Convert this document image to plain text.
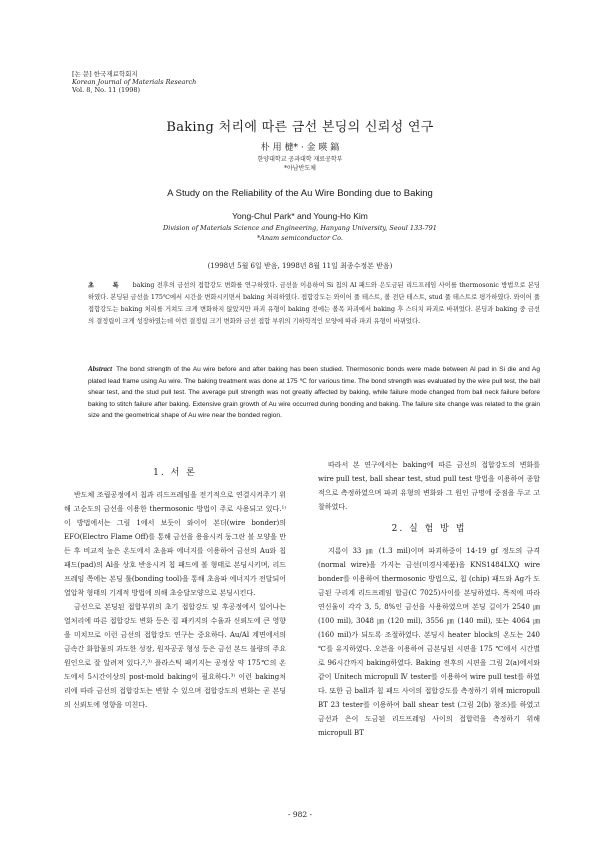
[논 문] 한국재료학회지
Korean Journal of Materials Research
Vol. 8, No. 11 (1998)
Baking 처리에 따른 금선 본딩의 신뢰성 연구
朴 用 橽* · 金 暎 鎬
한양대학교 공과대학 재료공학부
*아남반도체
A Study on the Reliability of the Au Wire Bonding due to Baking
Yong-Chul Park* and Young-Ho Kim
Division of Materials Science and Engineering, Hanyang University, Seoul 133-791
*Anam semiconductor Co.
(1998년 5월 6일 받음, 1998년 8월 11일 최종수정본 받음)
초 록 baking 전후의 금선의 접합강도 변화를 연구하였다. 금선을 이용하여 Si 칩의 Al 패드와 은도금된 리드프레임 사이를 thermosonic 방법으로 본딩하였다. 본딩된 금선을 175℃에서 시간을 변화시키면서 baking 처리하였다. 접합강도는 와이어 풀 테스트, 볼 전단 테스트, stud 풀 테스트로 평가하였다. 와이어 풀 접합강도는 baking 처리를 거쳐도 크게 변화하지 않았지만 파괴 유형이 baking 전에는 볼목 파괴에서 baking 후 스티치 파괴로 바뀌었다. 본딩과 baking 중 금선의 결정립이 크게 성장하였는데 이런 결정립 크기 변화와 금선 접합 부위의 기하학적인 모양에 따라 파괴 유형이 바뀌었다.
Abstract The bond strength of the Au wire before and after baking has been studied. Thermosonic bonds were made between Al pad in Si die and Ag plated lead frame using Au wire. The baking treatment was done at 175 ℃ for various time. The bond strength was evaluated by the wire pull test, the ball shear test, and the stud pull test. The average pull strength was not greatly affected by baking, while failure mode changed from ball neck failure before baking to stitch failure after baking. Extensive grain growth of Au wire occurred during bonding and baking. The failure site change was related to the grain size and the geometrical shape of Au wire near the bonded region.
1. 서 론

반도체 조립공정에서 칩과 리드프레임을 전기적으로 연결시켜주기 위해 고순도의 금선을 이용한 thermosonic 방법이 주로 사용되고 있다.¹⁾ 이 방법에서는 그림 1에서 보듯이 와이어 본더(wire bonder)의 EFO(Electro Flame Off)를 통해 금선을 용융시켜 둥그란 볼 모양을 만든 후 비교적 높은 온도에서 초음파 에너지를 이용하여 금선의 Au와 칩 패드(pad)의 Al을 상호 반응시켜 칩 패드에 볼 형태로 본딩시키며, 리드프레임 쪽에는 본딩 툴(bonding tool)을 통해 초음파 에너지가 전달되어 열압착 형태의 기계적 방법에 의해 초승달모양으로 본딩시킨다.

금선으로 본딩된 접합부위의 초기 접합강도 및 후공정에서 일어나는 열처리에 따른 접합강도 변화 등은 집 패키지의 수율과 신뢰도에 큰 영향을 미치므로 이런 금선의 접합강도 연구는 중요하다. Au/Al 계면에서의 금속간 화합물의 과도한 성장, 원자공공 형성 등은 금선 본드 불량의 주요원인으로 잘 알려져 있다.²,³⁾ 플라스틱 패키지는 공정상 약 175℃의 온도에서 5시간이상의 post-mold baking이 필요하다.³⁾ 이런 baking처리에 따라 금선의 접합강도는 변할 수 있으며 접합강도의 변화는 곧 본딩의 신뢰도에 영향을 미친다.

따라서 본 연구에서는 baking에 따른 금선의 접합강도의 변화를 wire pull test, ball shear test, stud pull test 방법을 이용하여 종합적으로 측정하였으며 파괴 유형의 변화와 그 원인 규명에 중점을 두고 고찰하였다.

2. 실 험 방 법

지름이 33 ㎛ (1.3 mil)이며 파괴하중이 14-19 gf 정도의 규격(normal wire)을 가지는 금선(미경사제품)을 KNS1484LXQ wire bonder를 이용하여 thermosonic 방법으로, 칩 (chip) 패드와 Ag가 도금된 구리계 리드프레임 합금(C 7025)사이를 본딩하였다. 목적에 따라 연신율이 각각 3, 5, 8%인 금선을 사용하였으며 본딩 길이가 2540 ㎛ (100 mil), 3048 ㎛ (120 mil), 3556 ㎛ (140 mil), 또는 4064 ㎛ (160 mil)가 되도록 조절하였다. 본딩시 heater block의 온도는 240 ℃를 유지하였다. 오븐을 이용하여 금본딩된 시편을 175 ℃에서 시간별로 96시간까지 baking하였다. Baking 전후의 시편을 그림 2(a)에서와 같이 Unitech micropull Ⅳ tester를 이용하여 wire pull test를 하였다. 또한 금 ball과 칩 패드 사이의 접합강도를 측정하기 위해 micropull BT 23 tester를 이용하여 ball shear test (그림 2(b) 참조)를 하였고 금선과 은이 도금된 리드프레임 사이의 접합력을 측정하기 위해 micropull BT

- 982 -
